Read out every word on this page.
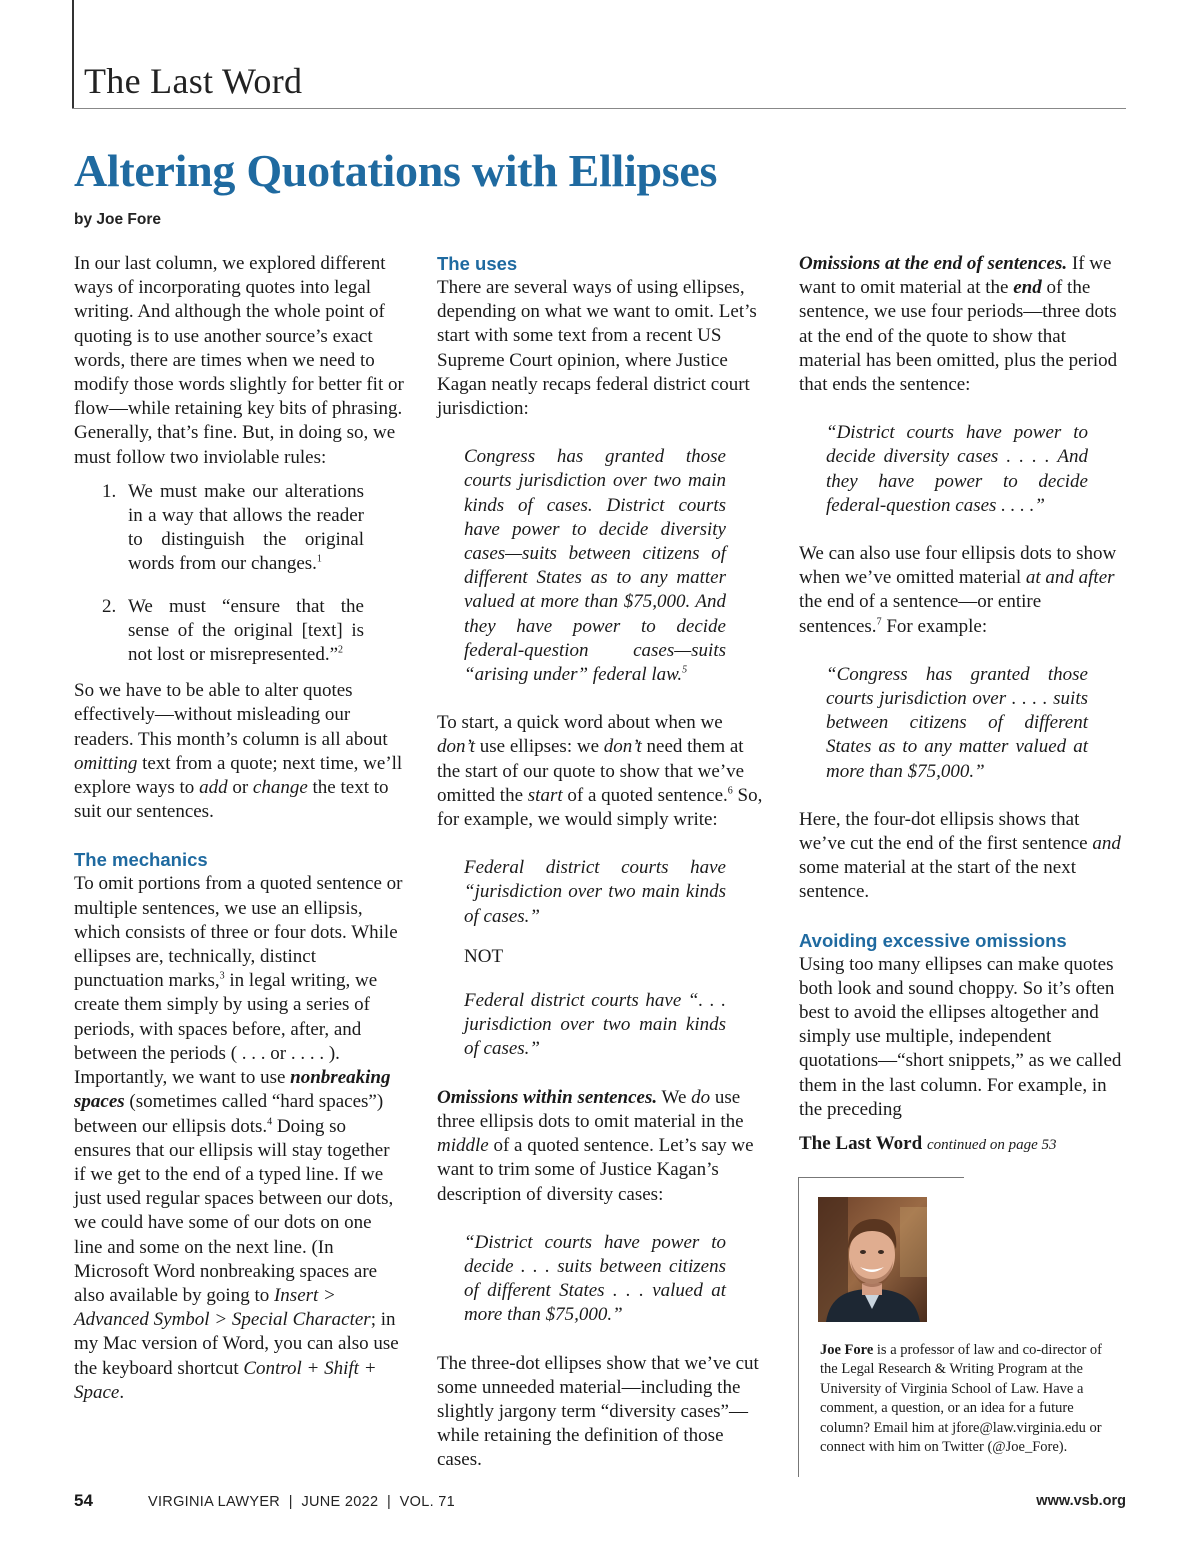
The Last Word
Altering Quotations with Ellipses
by Joe Fore

In our last column, we explored different ways of incorporating quotes into legal writing. And although the whole point of quoting is to use another source’s exact words, there are times when we need to modify those words slightly for better fit or flow—while retaining key bits of phrasing. Generally, that’s fine. But, in doing so, we must follow two inviolable rules:

1. We must make our alterations in a way that allows the reader to distinguish the original words from our changes.$^1$
2. We must “ensure that the sense of the original [text] is not lost or misrepresented.”$^2$

So we have to be able to alter quotes effectively—without misleading our readers. This month’s column is all about omitting text from a quote; next time, we’ll explore ways to add or change the text to suit our sentences.

The mechanics

To omit portions from a quoted sentence or multiple sentences, we use an ellipsis, which consists of three or four dots. While ellipses are, technically, distinct punctuation marks,$^3$ in legal writing, we create them simply by using a series of periods, with spaces before, after, and between the periods ( . . . or . . . . ). Importantly, we want to use nonbreaking spaces (sometimes called “hard spaces”) between our ellipsis dots.$^4$ Doing so ensures that our ellipsis will stay together if we get to the end of a typed line. If we just used regular spaces between our dots, we could have some of our dots on one line and some on the next line. (In Microsoft Word nonbreaking spaces are also available by going to Insert > Advanced Symbol > Special Character; in my Mac version of Word, you can also use the keyboard shortcut Control + Shift + Space.

The uses

There are several ways of using ellipses, depending on what we want to omit. Let’s start with some text from a recent US Supreme Court opinion, where Justice Kagan neatly recaps federal district court jurisdiction:

Congress has granted those courts jurisdiction over two main kinds of cases. District courts have power to decide diversity cases—suits between citizens of different States as to any matter valued at more than $75,000. And they have power to decide federal-question cases—suits “arising under” federal law.$^5$

To start, a quick word about when we don’t use ellipses: we don’t need them at the start of our quote to show that we’ve omitted the start of a quoted sentence.$^6$ So, for example, we would simply write:

Federal district courts have “jurisdiction over two main kinds of cases.”

NOT

Federal district courts have “. . . jurisdiction over two main kinds of cases.”

Omissions within sentences. We do use three ellipsis dots to omit material in the middle of a quoted sentence. Let’s say we want to trim some of Justice Kagan’s description of diversity cases:

“District courts have power to decide . . . suits between citizens of different States . . . valued at more than $75,000.”

The three-dot ellipses show that we’ve cut some unneeded material—including the slightly jargony term “diversity cases”—while retaining the definition of those cases.

Omissions at the end of sentences. If we want to omit material at the end of the sentence, we use four periods—three dots at the end of the quote to show that material has been omitted, plus the period that ends the sentence:

“District courts have power to decide diversity cases . . . . And they have power to decide federal-question cases . . . .”

We can also use four ellipsis dots to show when we’ve omitted material at and after the end of a sentence—or entire sentences.$^7$ For example:

“Congress has granted those courts jurisdiction over . . . . suits between citizens of different States as to any matter valued at more than $75,000.”

Here, the four-dot ellipsis shows that we’ve cut the end of the first sentence and some material at the start of the next sentence.

Avoiding excessive omissions

Using too many ellipses can make quotes both look and sound choppy. So it’s often best to avoid the ellipses altogether and simply use multiple, independent quotations—“short snippets,” as we called them in the last column. For example, in the preceding

The Last Word continued on page 53

Joe Fore is a professor of law and co-director of the Legal Research & Writing Program at the University of Virginia School of Law. Have a comment, a question, or an idea for a future column? Email him at jfore@law.virginia.edu or connect with him on Twitter (@Joe_Fore).
54	VIRGINIA LAWYER  |  JUNE 2022  |  VOL. 71	www.vsb.org
